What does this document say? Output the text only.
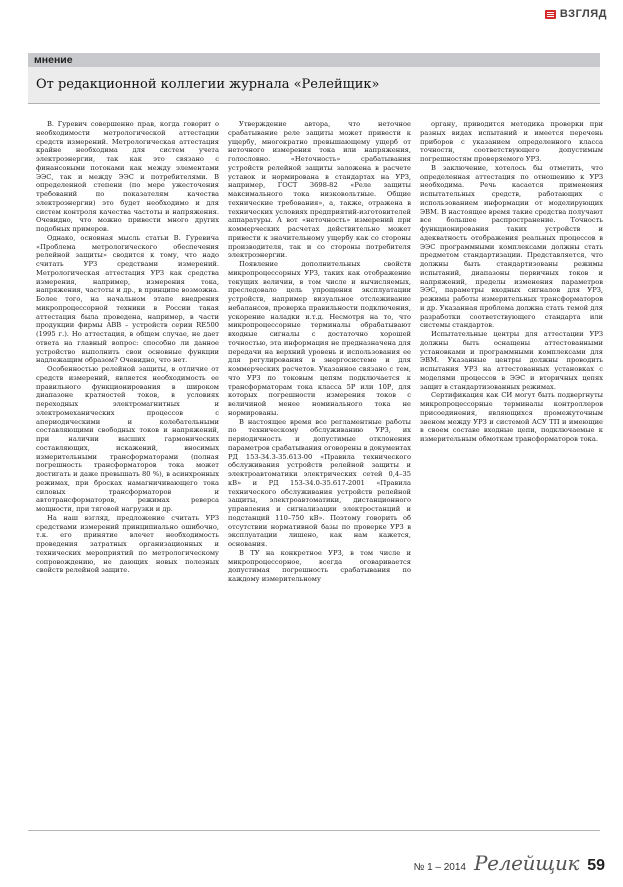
ВЗГЛЯД
мнение
От редакционной коллегии журнала «Релейщик»

В. Гуревич совершенно прав, когда говорит о необходимости метрологической аттестации средств измерений. Метрологическая аттестация крайне необходима для систем учета электроэнергии, так как это связано с финансовыми потоками как между элементами ЭЭС, так и между ЭЭС и потребителями. В определенной степени (по мере ужесточения требований по показателям качества электроэнергии) это будет необходимо и для систем контроля качества частоты и напряжения. Очевидно, что можно привести много других подобных примеров.

Однако, основная мысль статьи В. Гуревича «Проблема метрологического обеспечения релейной защиты» сводится к тому, что надо считать УРЗ средствами измерений. Метрологическая аттестация УРЗ как средства измерения, например, измерения тока, напряжения, частоты и др., в принципе возможна. Более того, на начальном этапе внедрения микропроцессорной техники в России такая аттестация была проведена, например, в части продукции фирмы ABB – устройств серии RE500 (1995 г.). Но аттестация, в общем случае, не дает ответа на главный вопрос: способно ли данное устройство выполнить свои основные функции надлежащим образом? Очевидно, что нет.

Особенностью релейной защиты, в отличие от средств измерений, является необходимость ее правильного функционирования в широком диапазоне кратностей токов, в условиях переходных электромагнитных и электромеханических процессов с апериодическими и колебательными составляющими свободных токов и напряжений, при наличии высших гармонических составляющих, искажений, вносимых измерительными трансформаторами (полная погрешность трансформаторов тока может достигать и даже превышать 80 %), в асинхронных режимах, при бросках намагничивающего тока силовых трансформаторов и автотрансформаторов, режимах реверса мощности, при тяговой нагрузки и др.

На наш взгляд, предложение считать УРЗ средствами измерений принципиально ошибочно, т.к. его принятие влечет необходимость проведения затратных организационных и технических мероприятий по метрологическому сопровождению, не дающих новых полезных свойств релейной защите.

Утверждение автора, что неточное срабатывание реле защиты может привести к ущербу, многократно превышающему ущерб от неточного измерения тока или напряжения, голословно. «Неточность» срабатывания устройств релейной защиты заложена в расчете уставок и нормирована в стандартах на УРЗ, например, ГОСТ 3698-82 «Реле защиты максимального тока низковольтные. Общие технические требования», а, также, отражена в технических условиях предприятий-изготовителей аппаратуры. А вот «неточность» измерений при коммерческих расчетах действительно может привести к значительному ущербу как со стороны производителя, так и со стороны потребителя электроэнергии.

Появление дополнительных свойств микропроцессорных УРЗ, таких как отображение текущих величин, в том числе и вычисляемых, преследовало цель упрощения эксплуатации устройств, например визуальное отслеживание небалансов, проверка правильности подключения, ускорение наладки и.т.д. Несмотря на то, что микропроцессорные терминалы обрабатывают входные сигналы с достаточно хорошей точностью, эта информация не предназначена для передачи на верхний уровень и использования ее для регулирования в энергосистеме и для коммерческих расчетов. Указанное связано с тем, что УРЗ по токовым цепям подключается к трансформаторам тока класса 5Р или 10Р, для которых погрешности измерения токов с величиной менее номинального тока не нормированы.

В настоящее время все регламентные работы по техническому обслуживанию УРЗ, их периодичность и допустимые отклонения параметров срабатывания оговорены в документах РД 153-34.3-35.613-00 «Правила технического обслуживания устройств релейной защиты и электроавтоматики электрических сетей 0,4–35 кВ» и РД 153-34.0-35.617-2001 «Правила технического обслуживания устройств релейной защиты, электроавтоматики, дистанционного управления и сигнализации электростанций и подстанций 110–750 кВ». Поэтому говорить об отсутствии нормативной базы по проверке УРЗ в эксплуатации лишено, как нам кажется, основания.

В ТУ на конкретное УРЗ, в том числе и микропроцессорное, всегда оговаривается допустимая погрешность срабатывания по каждому измерительному

органу, приводится методика проверки при разных видах испытаний и имеется перечень приборов с указанием определенного класса точности, соответствующего допустимым погрешностям проверяемого УРЗ.

В заключение, хотелось бы отметить, что определенная аттестация по отношению к УРЗ необходима. Речь касается применения испытательных средств, работающих с использованием информации от моделирующих ЭВМ. В настоящее время такие средства получают все большее распространение. Точность функционирования таких устройств и адекватность отображения реальных процессов в ЭЭС программными комплексами должны стать предметом стандартизации. Представляется, что должны быть стандартизованы режимы испытаний, диапазоны первичных токов и напряжений, пределы изменения параметров ЭЭС, параметры входных сигналов для УРЗ, режимы работы измерительных трансформаторов и др. Указанная проблема должна стать темой для разработки соответствующего стандарта или системы стандартов.

Испытательные центры для аттестации УРЗ должны быть оснащены аттестованными установками и программными комплексами для ЭВМ. Указанные центры должны проводить испытания УРЗ на аттестованных установках с моделями процессов в ЭЭС и вторичных цепях защит в стандартизованных режимах.

Сертификация как СИ могут быть подвергнуты микропроцессорные терминалы контроллеров присоединения, являющихся промежуточным звеном между УРЗ и системой АСУ ТП и имеющие в своем составе входные цепи, подключаемые к измерительным обмоткам трансформаторов тока.

№ 1 – 2014 Релейщик 59
